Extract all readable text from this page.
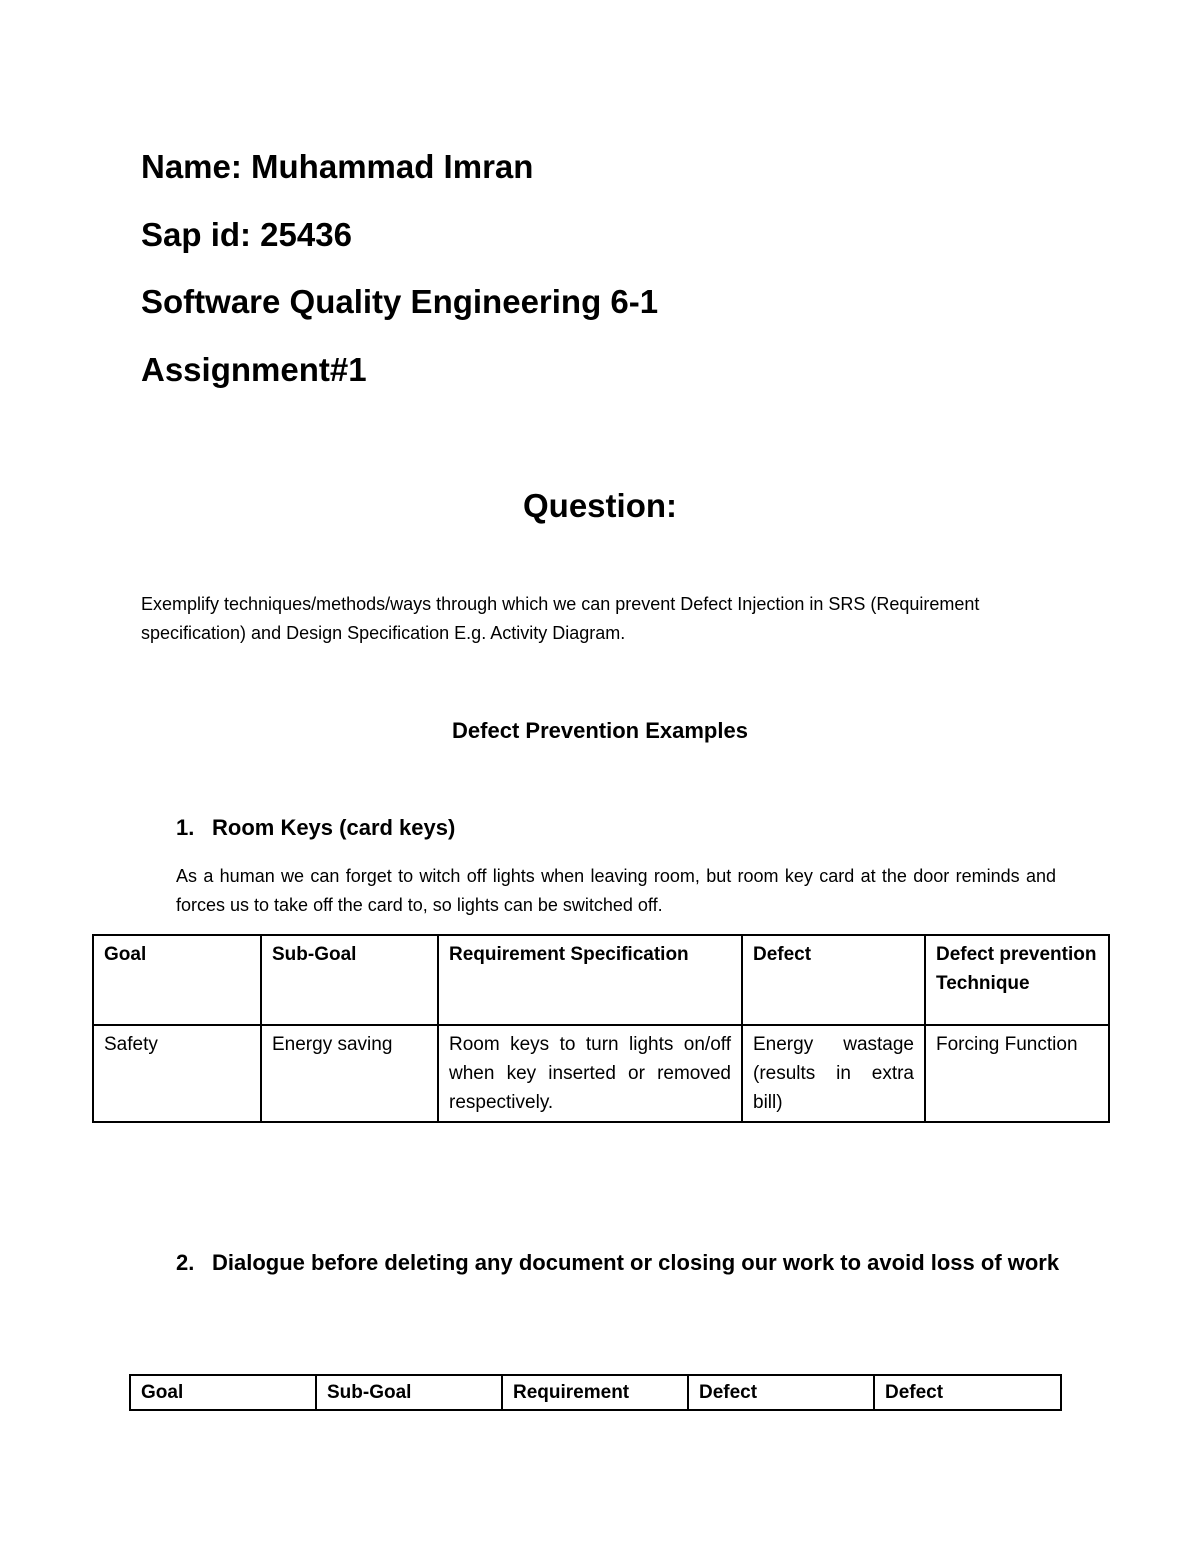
Name: Muhammad Imran

Sap id: 25436

Software Quality Engineering 6-1

Assignment#1

Question:

Exemplify techniques/methods/ways through which we can prevent Defect Injection in SRS (Requirement specification) and Design Specification E.g. Activity Diagram.

Defect Prevention Examples
1. Room Keys (card keys)

As a human we can forget to witch off lights when leaving room, but room key card at the door reminds and forces us to take off the card to, so lights can be switched off.

Goal	Sub-Goal	Requirement Specification	Defect	Defect prevention Technique
Safety	Energy saving	Room keys to turn lights on/off when key inserted or removed respectively.	Energy wastage (results in extra bill)	Forcing Function
2. Dialogue before deleting any document or closing our work to avoid loss of work
Goal	Sub-Goal	Requirement	Defect	Defect
